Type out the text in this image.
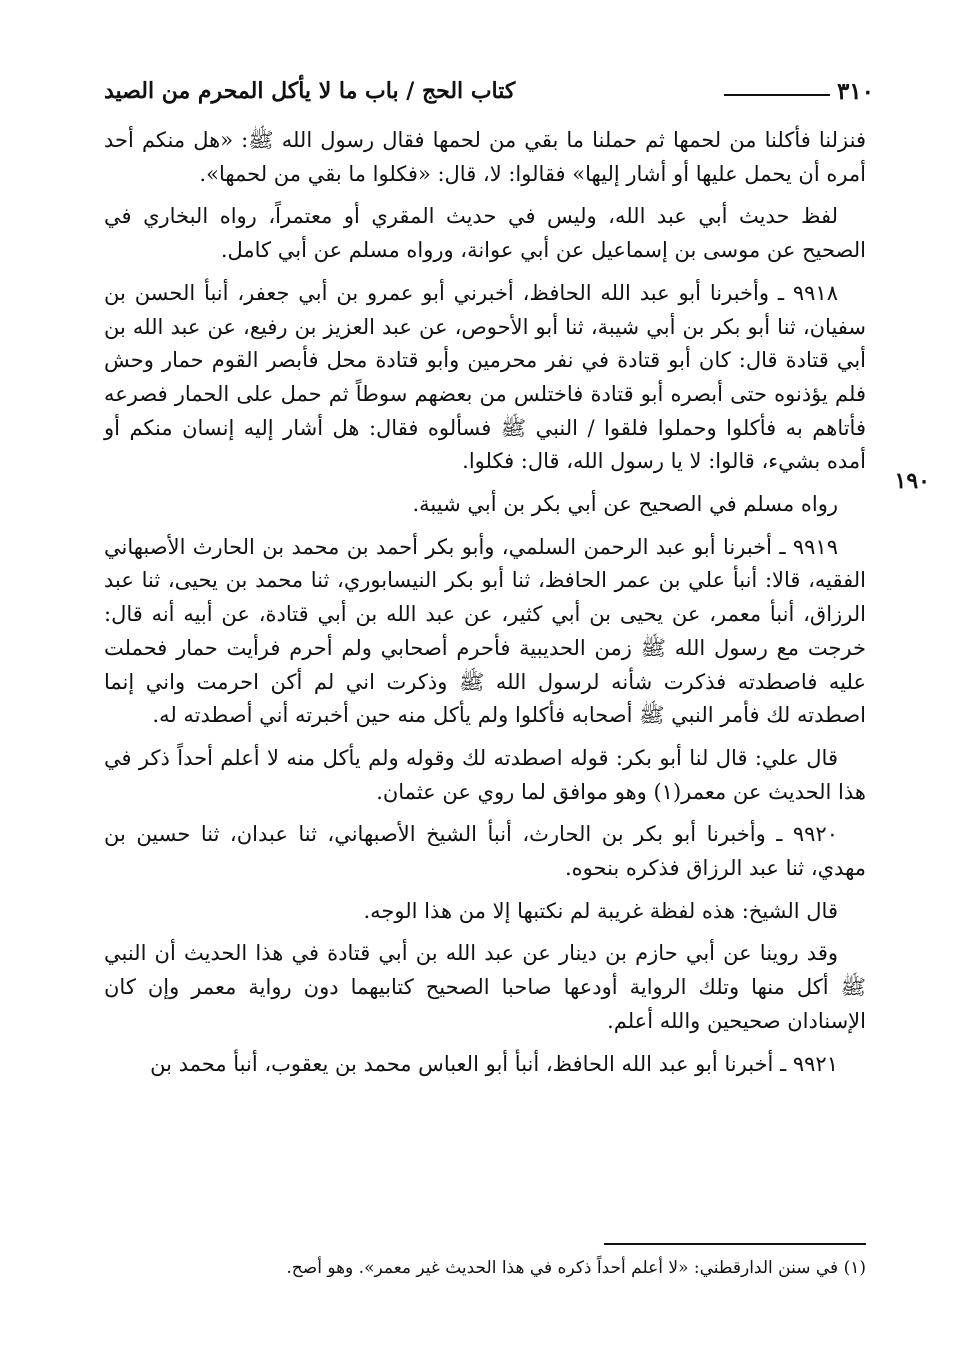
٣١٠
كتاب الحج / باب ما لا يأكل المحرم من الصيد

فنزلنا فأكلنا من لحمها ثم حملنا ما بقي من لحمها فقال رسول الله ﷺ: «هل منكم أحد أمره أن يحمل عليها أو أشار إليها» فقالوا: لا، قال: «فكلوا ما بقي من لحمها».

لفظ حديث أبي عبد الله، وليس في حديث المقري أو معتمراً، رواه البخاري في الصحيح عن موسى بن إسماعيل عن أبي عوانة، ورواه مسلم عن أبي كامل.

٩٩١٨ ـ وأخبرنا أبو عبد الله الحافظ، أخبرني أبو عمرو بن أبي جعفر، أنبأ الحسن بن سفيان، ثنا أبو بكر بن أبي شيبة، ثنا أبو الأحوص، عن عبد العزيز بن رفيع، عن عبد الله بن أبي قتادة قال: كان أبو قتادة في نفر محرمين وأبو قتادة محل فأبصر القوم حمار وحش فلم يؤذنوه حتى أبصره أبو قتادة فاختلس من بعضهم سوطاً ثم حمل على الحمار فصرعه فأتاهم به فأكلوا وحملوا فلقوا / النبي ﷺ فسألوه فقال: هل أشار إليه إنسان منكم أو أمده بشيء، قالوا: لا يا رسول الله، قال: فكلوا.

رواه مسلم في الصحيح عن أبي بكر بن أبي شيبة.

٩٩١٩ ـ أخبرنا أبو عبد الرحمن السلمي، وأبو بكر أحمد بن محمد بن الحارث الأصبهاني الفقيه، قالا: أنبأ علي بن عمر الحافظ، ثنا أبو بكر النيسابوري، ثنا محمد بن يحيى، ثنا عبد الرزاق، أنبأ معمر، عن يحيى بن أبي كثير، عن عبد الله بن أبي قتادة، عن أبيه أنه قال: خرجت مع رسول الله ﷺ زمن الحديبية فأحرم أصحابي ولم أحرم فرأيت حمار فحملت عليه فاصطدته فذكرت شأنه لرسول الله ﷺ وذكرت اني لم أكن احرمت واني إنما اصطدته لك فأمر النبي ﷺ أصحابه فأكلوا ولم يأكل منه حين أخبرته أني أصطدته له.

قال علي: قال لنا أبو بكر: قوله اصطدته لك وقوله ولم يأكل منه لا أعلم أحداً ذكر في هذا الحديث عن معمر(١) وهو موافق لما روي عن عثمان.

٩٩٢٠ ـ وأخبرنا أبو بكر بن الحارث، أنبأ الشيخ الأصبهاني، ثنا عبدان، ثنا حسين بن مهدي، ثنا عبد الرزاق فذكره بنحوه.

قال الشيخ: هذه لفظة غريبة لم نكتبها إلا من هذا الوجه.

وقد روينا عن أبي حازم بن دينار عن عبد الله بن أبي قتادة في هذا الحديث أن النبي ﷺ أكل منها وتلك الرواية أودعها صاحبا الصحيح كتابيهما دون رواية معمر وإن كان الإسنادان صحيحين والله أعلم.

٩٩٢١ ـ أخبرنا أبو عبد الله الحافظ، أنبأ أبو العباس محمد بن يعقوب، أنبأ محمد بن

١٩٠
(١) في سنن الدارقطني: «لا أعلم أحداً ذكره في هذا الحديث غير معمر». وهو أصح.
